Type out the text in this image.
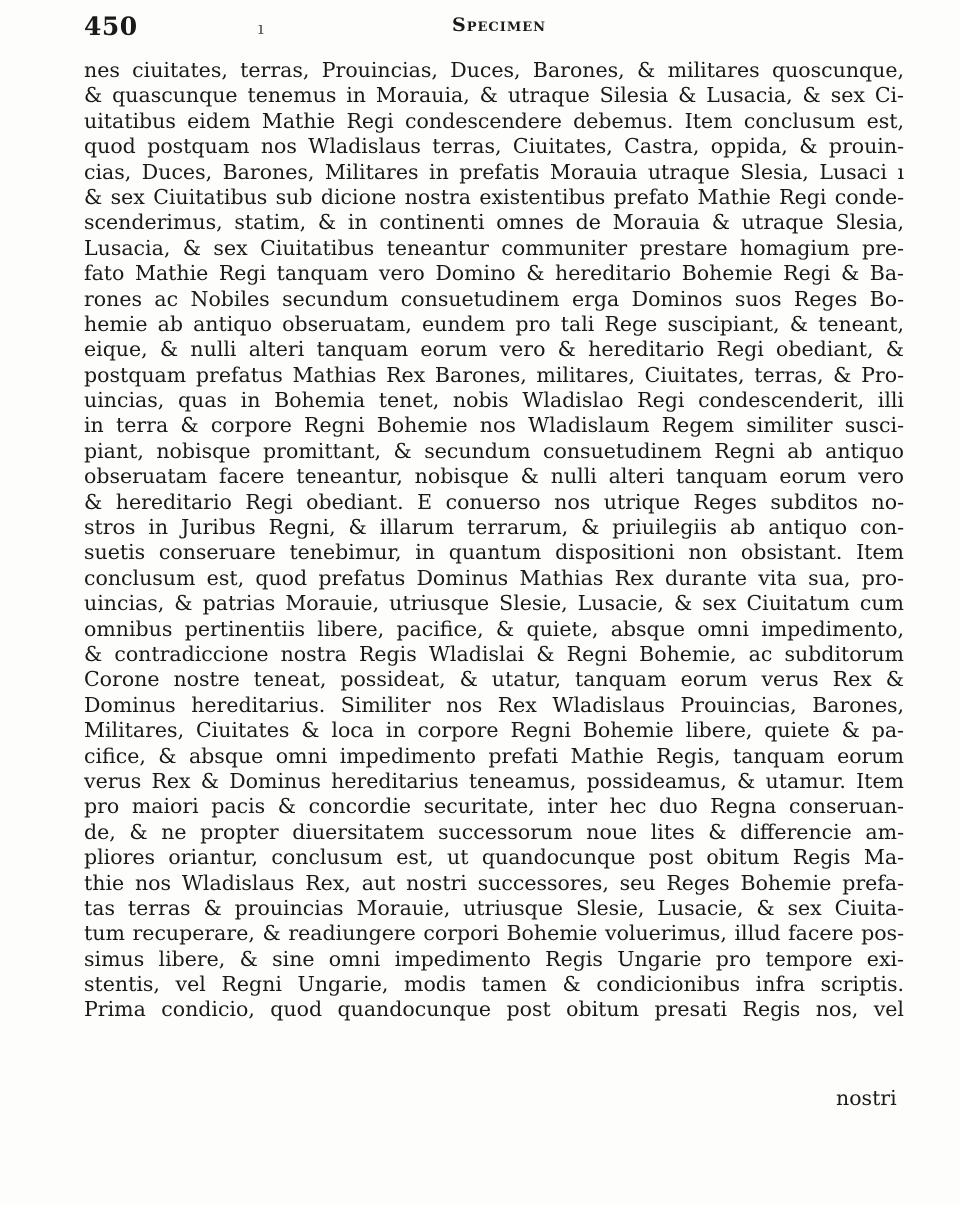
450	ı	Specimen
nes ciuitates, terras, Prouincias, Duces, Barones, & militares quoscunque,
& quascunque tenemus in Morauia, & utraque Silesia & Lusacia, & sex Ci-
uitatibus eidem Mathie Regi condescendere debemus. Item conclusum est,
quod postquam nos Wladislaus terras, Ciuitates, Castra, oppida, & prouin-
cias, Duces, Barones, Militares in prefatis Morauia utraque Slesia, Lusaci ı
& sex Ciuitatibus sub dicione nostra existentibus prefato Mathie Regi conde-
scenderimus, statim, & in continenti omnes de Morauia & utraque Slesia,
Lusacia, & sex Ciuitatibus teneantur communiter prestare homagium pre-
fato Mathie Regi tanquam vero Domino & hereditario Bohemie Regi & Ba-
rones ac Nobiles secundum consuetudinem erga Dominos suos Reges Bo-
hemie ab antiquo obseruatam, eundem pro tali Rege suscipiant, & teneant,
eique, & nulli alteri tanquam eorum vero & hereditario Regi obediant, &
postquam prefatus Mathias Rex Barones, militares, Ciuitates, terras, & Pro-
uincias, quas in Bohemia tenet, nobis Wladislao Regi condescenderit, illi
in terra & corpore Regni Bohemie nos Wladislaum Regem similiter susci-
piant, nobisque promittant, & secundum consuetudinem Regni ab antiquo
obseruatam facere teneantur, nobisque & nulli alteri tanquam eorum vero
& hereditario Regi obediant. E conuerso nos utrique Reges subditos no-
stros in Juribus Regni, & illarum terrarum, & priuilegiis ab antiquo con-
suetis conseruare tenebimur, in quantum dispositioni non obsistant. Item
conclusum est, quod prefatus Dominus Mathias Rex durante vita sua, pro-
uincias, & patrias Morauie, utriusque Slesie, Lusacie, & sex Ciuitatum cum
omnibus pertinentiis libere, pacifice, & quiete, absque omni impedimento,
& contradiccione nostra Regis Wladislai & Regni Bohemie, ac subditorum
Corone nostre teneat, possideat, & utatur, tanquam eorum verus Rex &
Dominus hereditarius. Similiter nos Rex Wladislaus Prouincias, Barones,
Militares, Ciuitates & loca in corpore Regni Bohemie libere, quiete & pa-
cifice, & absque omni impedimento prefati Mathie Regis, tanquam eorum
verus Rex & Dominus hereditarius teneamus, possideamus, & utamur. Item
pro maiori pacis & concordie securitate, inter hec duo Regna conseruan-
de, & ne propter diuersitatem successorum noue lites & differencie am-
pliores oriantur, conclusum est, ut quandocunque post obitum Regis Ma-
thie nos Wladislaus Rex, aut nostri successores, seu Reges Bohemie prefa-
tas terras & prouincias Morauie, utriusque Slesie, Lusacie, & sex Ciuita-
tum recuperare, & readiungere corpori Bohemie voluerimus, illud facere pos-
simus libere, & sine omni impedimento Regis Ungarie pro tempore exi-
stentis, vel Regni Ungarie, modis tamen & condicionibus infra scriptis.
Prima condicio, quod quandocunque post obitum presati Regis nos, vel
nostri
